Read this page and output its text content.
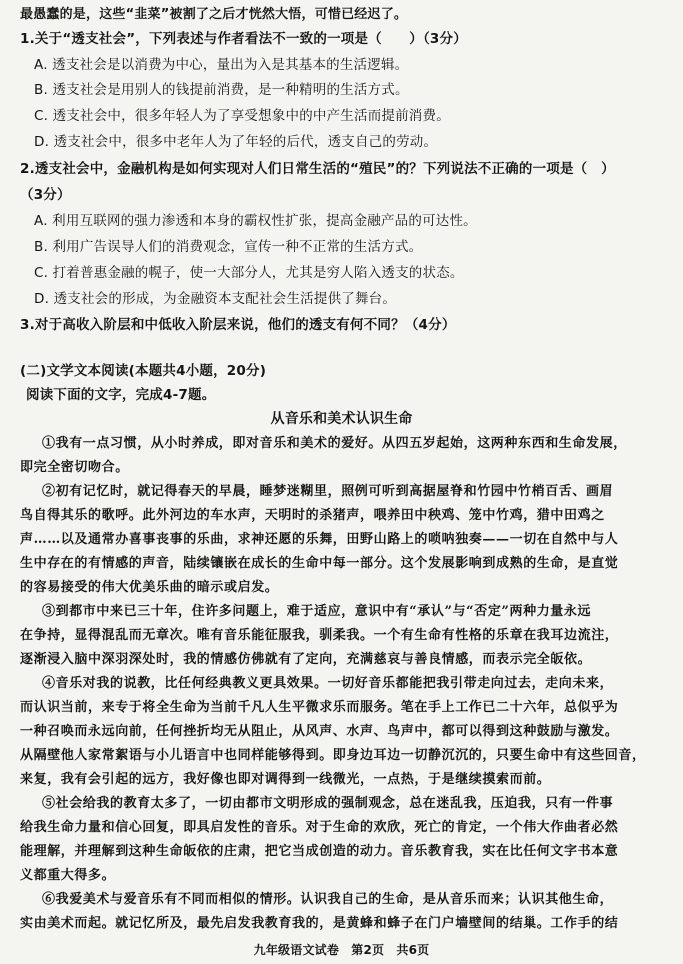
最愚蠢的是，这些“韭菜”被割了之后才恍然大悟，可惜已经迟了。
1.关于“透支社会”，下列表述与作者看法不一致的一项是（　　）（3分）
A. 透支社会是以消费为中心，量出为入是其基本的生活逻辑。
B. 透支社会是用别人的钱提前消费，是一种精明的生活方式。
C. 透支社会中，很多年轻人为了享受想象中的中产生活而提前消费。
D. 透支社会中，很多中老年人为了年轻的后代，透支自己的劳动。
2.透支社会中，金融机构是如何实现对人们日常生活的“殖民”的？下列说法不正确的一项是（　）
（3分）
A. 利用互联网的强力渗透和本身的霸权性扩张，提高金融产品的可达性。
B. 利用广告误导人们的消费观念，宣传一种不正常的生活方式。
C. 打着普惠金融的幌子，使一大部分人，尤其是穷人陷入透支的状态。
D. 透支社会的形成，为金融资本支配社会生活提供了舞台。
3.对于高收入阶层和中低收入阶层来说，他们的透支有何不同？（4分）
(二)文学文本阅读(本题共4小题，20分)
阅读下面的文字，完成4-7题。
从音乐和美术认识生命
①我有一点习惯，从小时养成，即对音乐和美术的爱好。从四五岁起始，这两种东西和生命发展，
即完全密切吻合。
②初有记忆时，就记得春天的早晨，睡梦迷糊里，照例可听到高据屋脊和竹园中竹梢百舌、画眉
鸟自得其乐的歌呼。此外河边的车水声，天明时的杀猪声，喂养田中秧鸡、笼中竹鸡，猎中田鸡之
声……以及通常办喜事丧事的乐曲，求神还愿的乐舞，田野山路上的唢呐独奏——一切在自然中与人
生中存在的有情感的声音，陆续镶嵌在成长的生命中每一部分。这个发展影响到成熟的生命，是直觉
的容易接受的伟大优美乐曲的暗示或启发。
③到都市中来已三十年，住许多问题上，难于适应，意识中有“承认”与“否定”两种力量永远
在争持，显得混乱而无章次。唯有音乐能征服我，驯柔我。一个有生命有性格的乐章在我耳边流注，
逐渐浸入脑中深羽深处时，我的情感仿佛就有了定向，充满慈哀与善良情感，而表示完全皈依。
④音乐对我的说教，比任何经典教义更具效果。一切好音乐都能把我引带走向过去，走向未来，
而认识当前，来专于将全生命为当前千凡人生平微求乐而服务。笔在手上工作已二十六年，总似乎为
一种召唤而永远向前，任何挫折均无从阻止，从风声、水声、鸟声中，都可以得到这种鼓励与激发。
从隔壁他人家常絮语与小儿语言中也同样能够得到。即身边耳边一切静沉沉的，只要生命中有这些回音，
来复，我有会引起的远方，我好像也即对调得到一线微光，一点热，于是继续摸索而前。
⑤社会给我的教育太多了，一切由都市文明形成的强制观念，总在迷乱我，压迫我，只有一件事
给我生命力量和信心回复，即具启发性的音乐。对于生命的欢欣，死亡的肯定，一个伟大作曲者必然
能理解，并理解到这种生命皈依的庄肃，把它当成创造的动力。音乐教育我，实在比任何文字书本意
义都重大得多。
⑥我爱美术与爱音乐有不同而相似的情形。认识我自己的生命，是从音乐而来；认识其他生命，
实由美术而起。就记忆所及，最先启发我教育我的，是黄蜂和蜂子在门户墙壁间的结巢。工作手的结
九年级语文试卷　第2页　共6页
